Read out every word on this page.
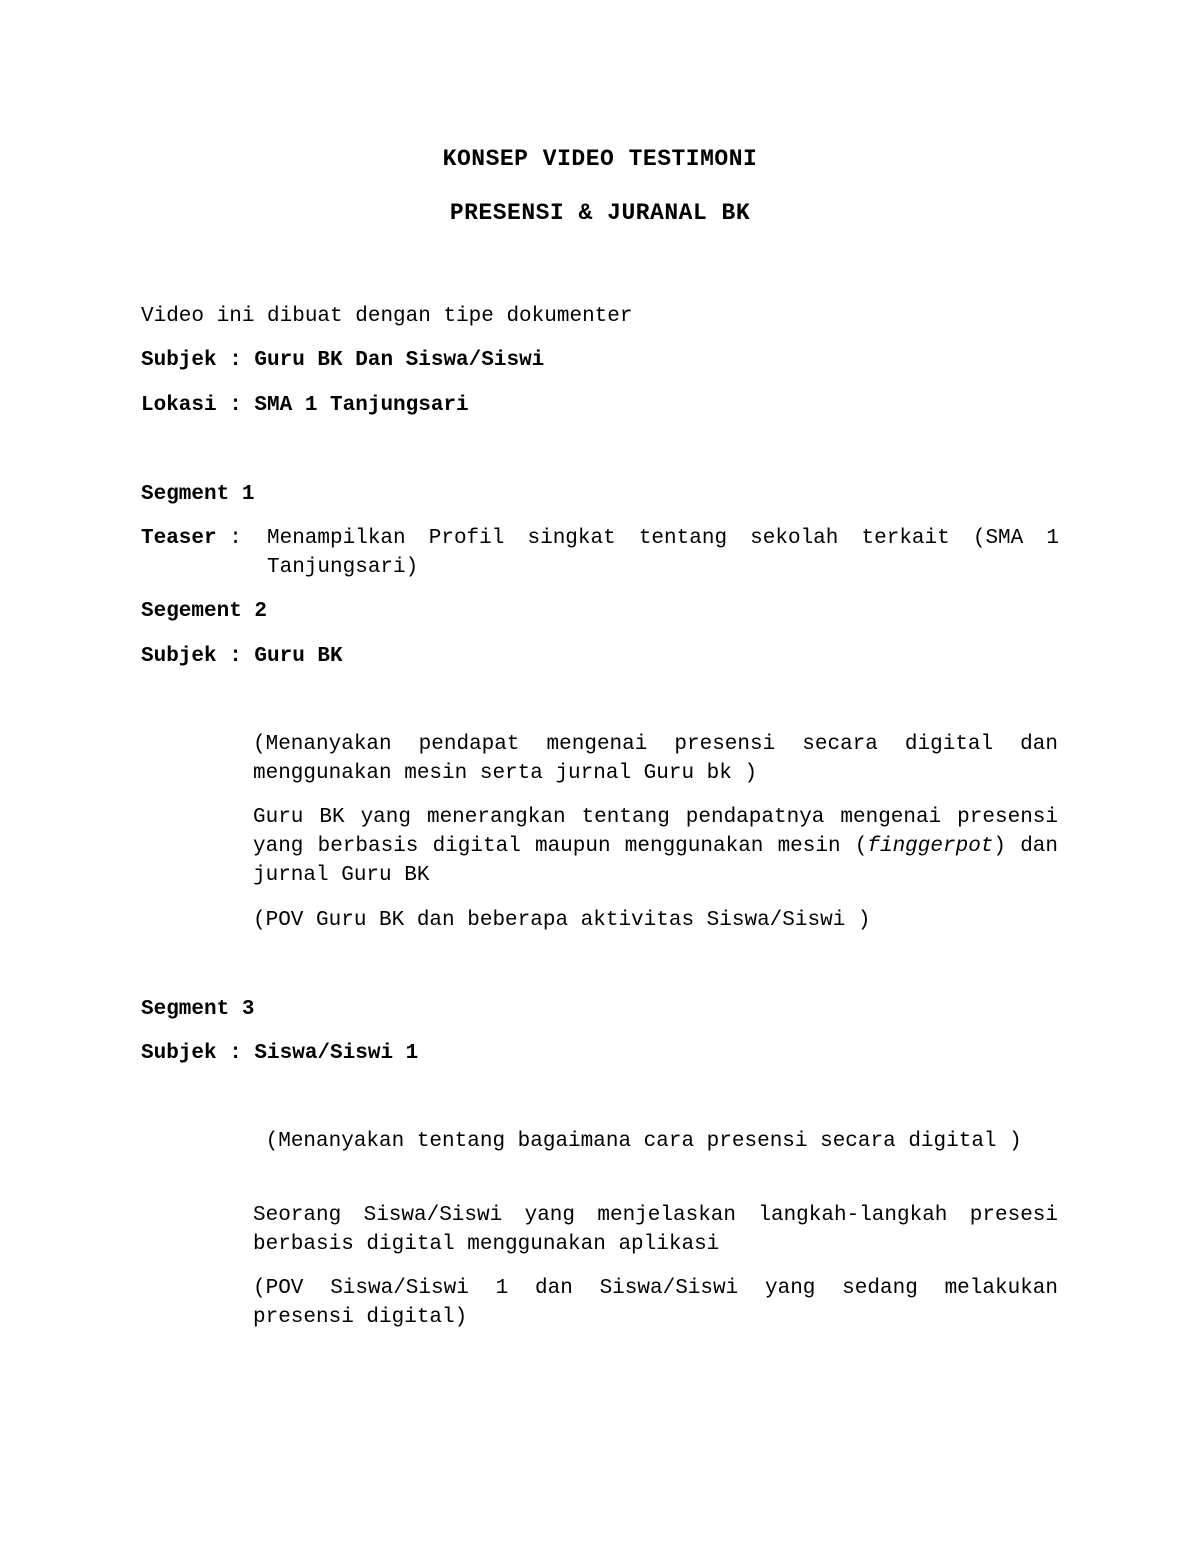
KONSEP VIDEO TESTIMONI
PRESENSI & JURANAL BK
Video ini dibuat dengan tipe dokumenter
Subjek : Guru BK Dan Siswa/Siswi
Lokasi : SMA 1 Tanjungsari
Segment 1
Teaser : Menampilkan Profil singkat tentang sekolah terkait (SMA 1 Tanjungsari)
Segement 2
Subjek : Guru BK
(Menanyakan pendapat mengenai presensi secara digital dan menggunakan mesin serta jurnal Guru bk )
Guru BK yang menerangkan tentang pendapatnya mengenai presensi yang berbasis digital maupun menggunakan mesin (finggerpot) dan jurnal Guru BK
(POV Guru BK dan beberapa aktivitas Siswa/Siswi )
Segment 3
Subjek : Siswa/Siswi 1
(Menanyakan tentang bagaimana cara presensi secara digital )
Seorang Siswa/Siswi yang menjelaskan langkah-langkah presesi berbasis digital menggunakan aplikasi
(POV Siswa/Siswi 1 dan Siswa/Siswi yang sedang melakukan presensi digital)
